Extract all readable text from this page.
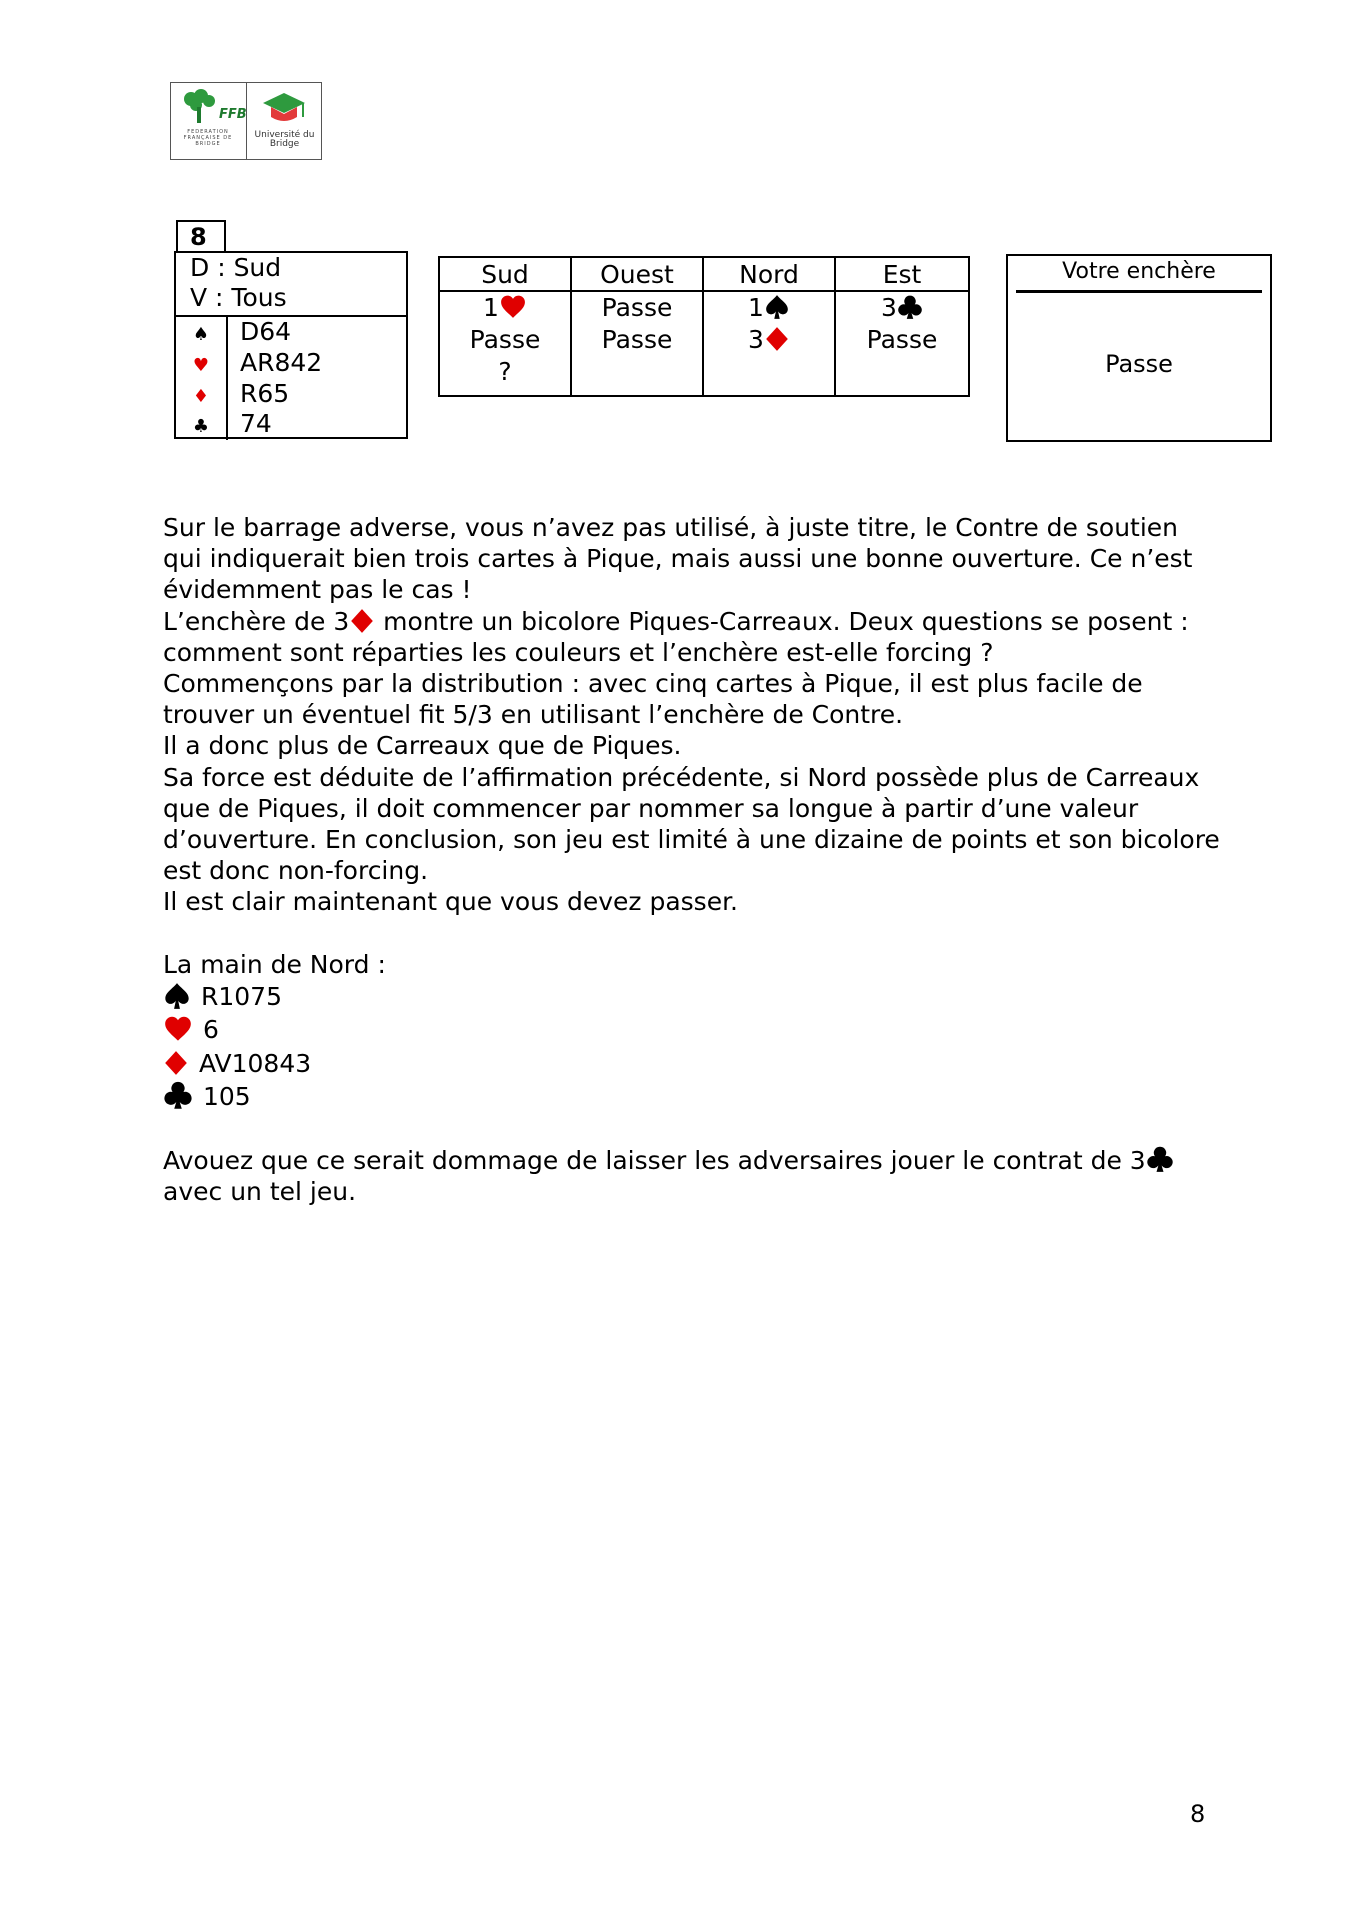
FFB
FEDERATION FRANÇAISE DE BRIDGE
Université du Bridge
8
D : Sud
V : Tous
♠
♥
♦
♣
D64
AR842
R65
74
Sud
1
Passe
?
Ouest
Passe
Passe
Nord
1
3
Est
3
Passe
Votre enchère
Passe

Sur le barrage adverse, vous n’avez pas utilisé, à juste titre, le Contre de soutien qui indiquerait bien trois cartes à Pique, mais aussi une bonne ouverture. Ce n’est évidemment pas le cas !

L’enchère de 3 montre un bicolore Piques-Carreaux. Deux questions se posent : comment sont réparties les couleurs et l’enchère est-elle forcing ?

Commençons par la distribution : avec cinq cartes à Pique, il est plus facile de trouver un éventuel fit 5/3 en utilisant l’enchère de Contre.

Il a donc plus de Carreaux que de Piques.

Sa force est déduite de l’affirmation précédente, si Nord possède plus de Carreaux que de Piques, il doit commencer par nommer sa longue à partir d’une valeur d’ouverture. En conclusion, son jeu est limité à une dizaine de points et son bicolore est donc non-forcing.

Il est clair maintenant que vous devez passer.

La main de Nord :

R1075
6
AV10843
105

Avouez que ce serait dommage de laisser les adversaires jouer le contrat de 3
avec un tel jeu.

8
